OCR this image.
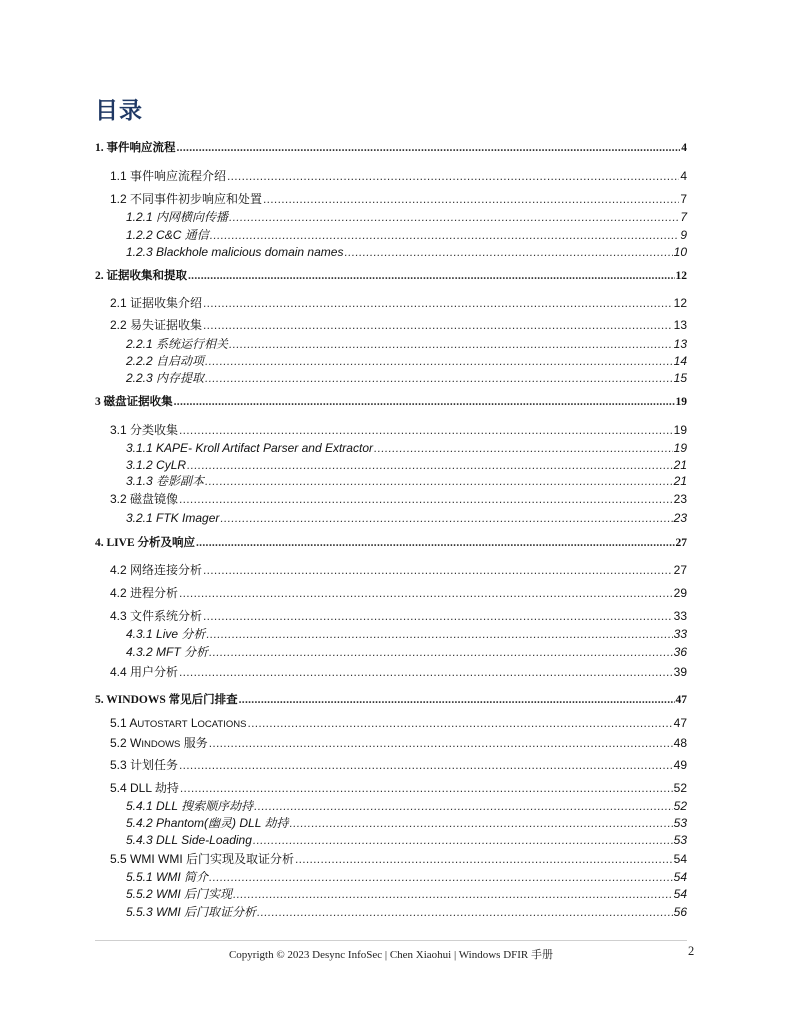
目录
1. 事件响应流程 .....	4
1.1 事件响应流程介绍 .....	4
1.2 不同事件初步响应和处置 .....	7
1.2.1 内网横向传播 .....	7
1.2.2 C&C 通信 .....	9
1.2.3 Blackhole malicious domain names .....	10
2. 证据收集和提取 .....	12
2.1 证据收集介绍 .....	12
2.2 易失证据收集 .....	13
2.2.1 系统运行相关 .....	13
2.2.2 自启动项 .....	14
2.2.3 内存提取 .....	15
3 磁盘证据收集 .....	19
3.1 分类收集 .....	19
3.1.1 KAPE- Kroll Artifact Parser and Extractor .....	19
3.1.2 CyLR .....	21
3.1.3 卷影副本 .....	21
3.2 磁盘镜像 .....	23
3.2.1 FTK Imager .....	23
4. LIVE 分析及响应 .....	27
4.2 网络连接分析 .....	27
4.2 进程分析 .....	29
4.3 文件系统分析 .....	33
4.3.1 Live 分析 .....	33
4.3.2 MFT 分析 .....	36
4.4 用户分析 .....	39
5. WINDOWS 常见后门排查 .....	47
5.1 AUTOSTART LOCATIONS .....	47
5.2 WINDOWS 服务 .....	48
5.3 计划任务 .....	49
5.4 DLL 劫持 .....	52
5.4.1 DLL 搜索顺序劫持 .....	52
5.4.2 Phantom(幽灵) DLL 劫持 .....	53
5.4.3 DLL Side-Loading .....	53
5.5 WMI WMI 后门实现及取证分析 .....	54
5.5.1 WMI 简介 .....	54
5.5.2 WMI 后门实现 .....	54
5.5.3 WMI 后门取证分析 .....	56
Copyrigth © 2023 Desync InfoSec | Chen Xiaohui | Windows DFIR 手册	2
